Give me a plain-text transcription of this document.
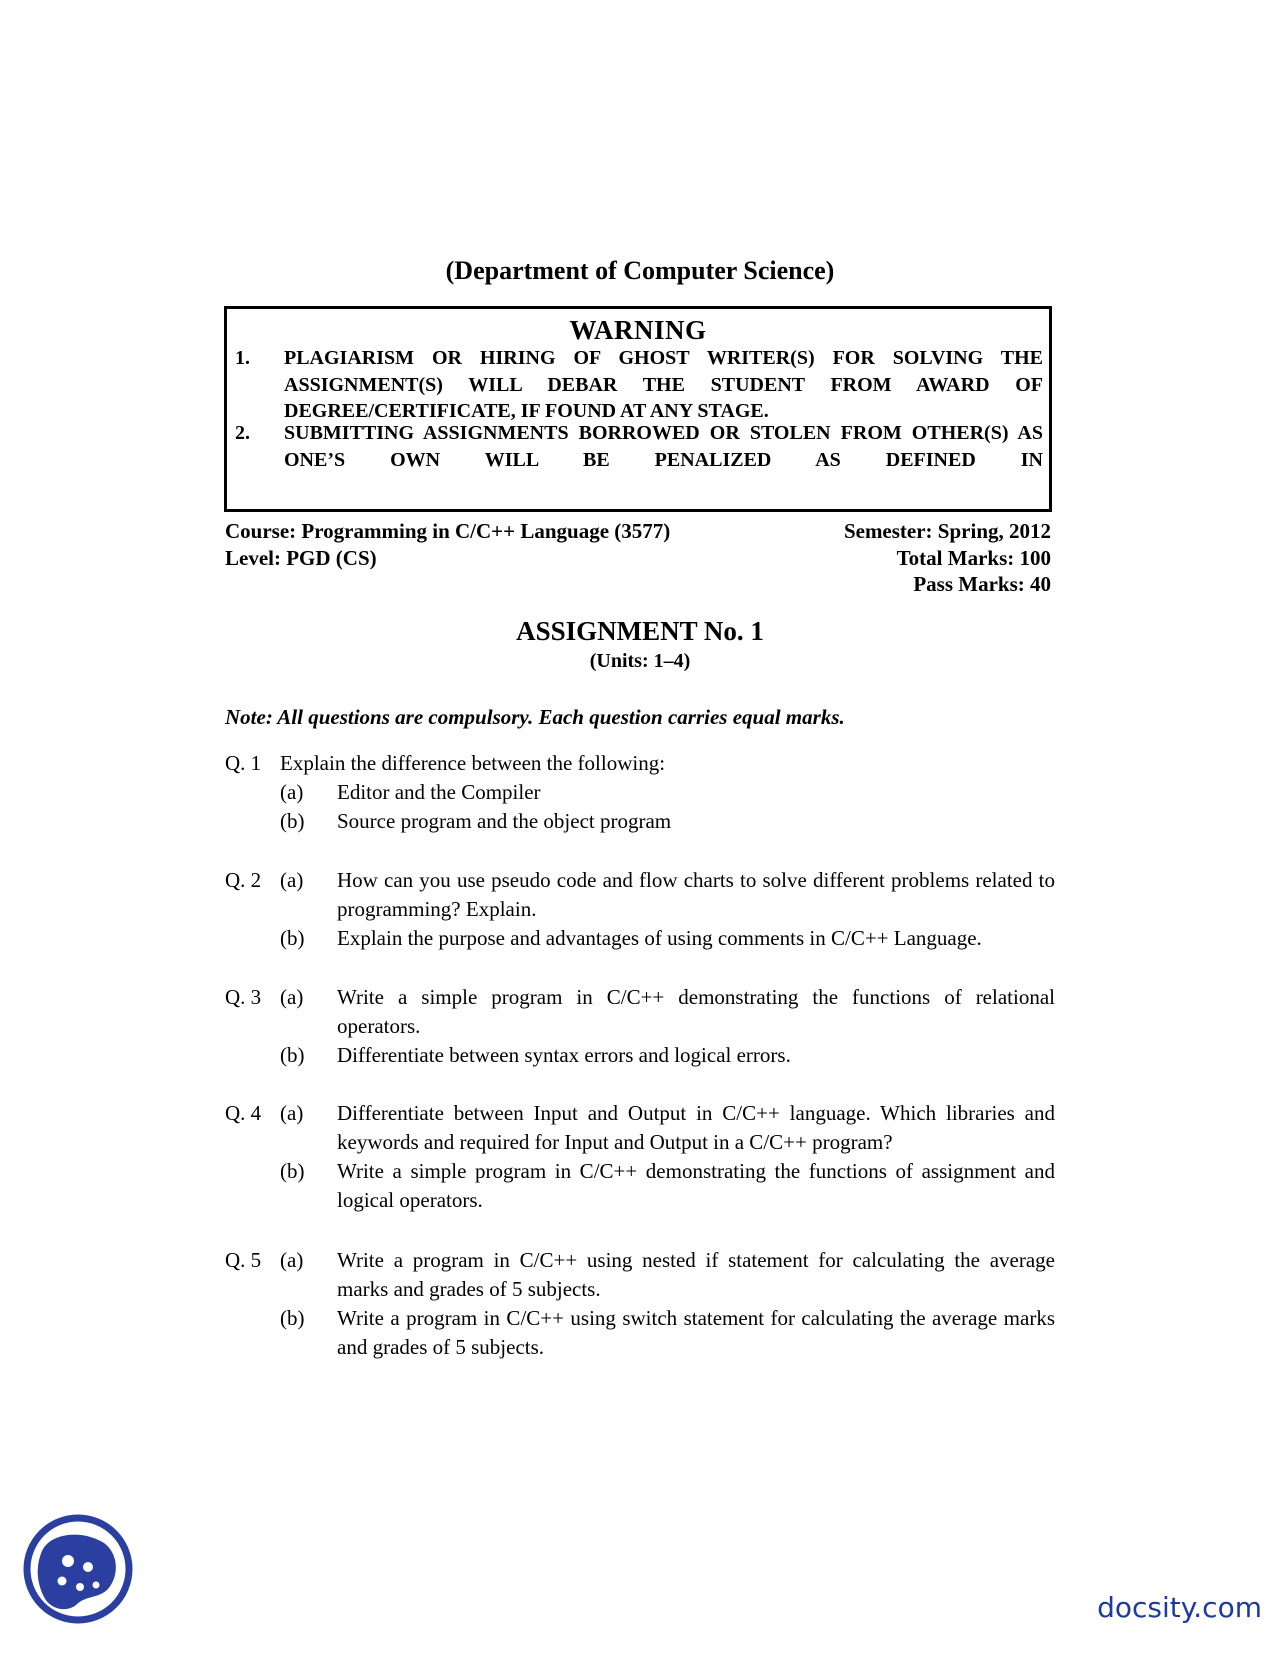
(Department of Computer Science)
WARNING
1. PLAGIARISM OR HIRING OF GHOST WRITER(S) FOR SOLVING THE ASSIGNMENT(S) WILL DEBAR THE STUDENT FROM AWARD OF DEGREE/CERTIFICATE, IF FOUND AT ANY STAGE.
2. SUBMITTING ASSIGNMENTS BORROWED OR STOLEN FROM OTHER(S) AS ONE’S OWN WILL BE PENALIZED AS DEFINED IN
Course: Programming in C/C++ Language (3577)
Level: PGD (CS)
Semester: Spring, 2012
Total Marks: 100
Pass Marks: 40
ASSIGNMENT No. 1
(Units: 1–4)
Note: All questions are compulsory. Each question carries equal marks.
Q. 1 Explain the difference between the following:
(a) Editor and the Compiler
(b) Source program and the object program
Q. 2 (a) How can you use pseudo code and flow charts to solve different problems related to programming? Explain.
(b) Explain the purpose and advantages of using comments in C/C++ Language.
Q. 3 (a) Write a simple program in C/C++ demonstrating the functions of relational operators.
(b) Differentiate between syntax errors and logical errors.
Q. 4 (a) Differentiate between Input and Output in C/C++ language. Which libraries and keywords and required for Input and Output in a C/C++ program?
(b) Write a simple program in C/C++ demonstrating the functions of assignment and logical operators.
Q. 5 (a) Write a program in C/C++ using nested if statement for calculating the average marks and grades of 5 subjects.
(b) Write a program in C/C++ using switch statement for calculating the average marks and grades of 5 subjects.
docsity.com
